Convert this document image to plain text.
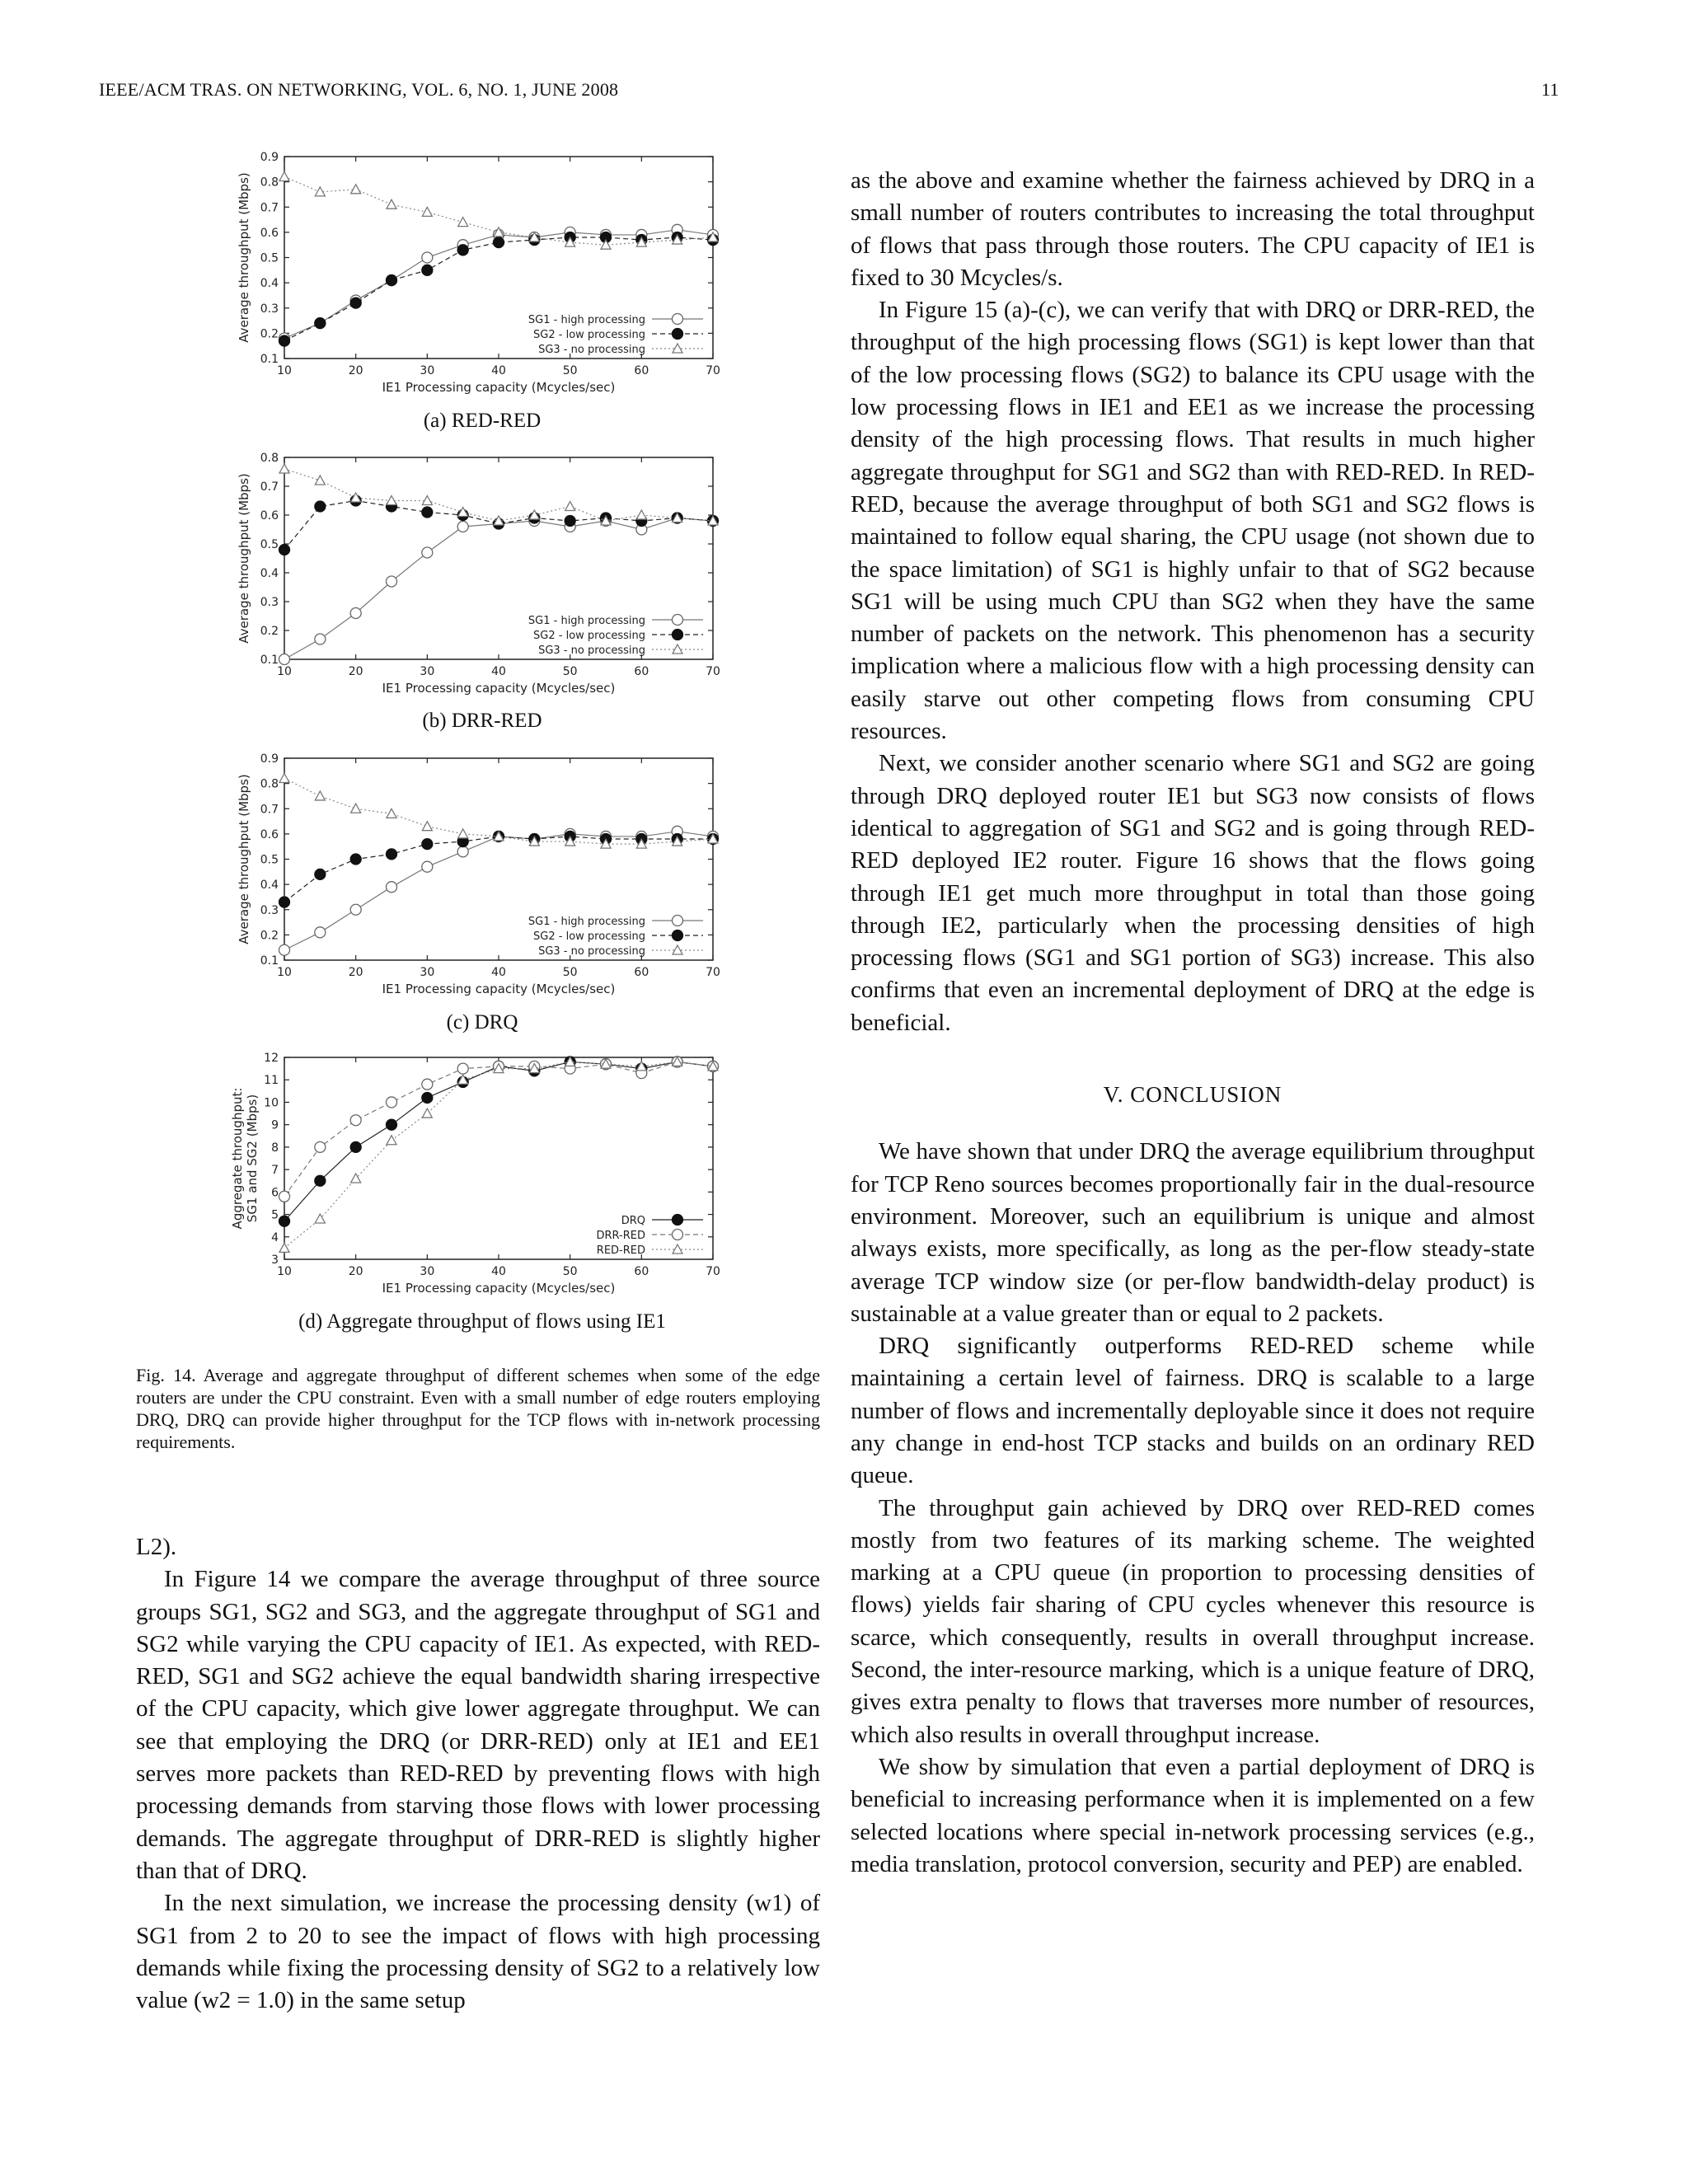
IEEE/ACM TRAS. ON NETWORKING, VOL. 6, NO. 1, JUNE 2008	11
0.1
0.2
0.3
0.4
0.5
0.6
0.7
0.8
0.9
10	20	30	40	50	60	70
IE1 Processing capacity (Mcycles/sec)
Average throughput (Mbps)	SG1 - high processing
SG2 - low processing
SG3 - no processing
(a) RED-RED
0.1
0.2
0.3
0.4
0.5
0.6
0.7
0.8
10	20	30	40	50	60	70
IE1 Processing capacity (Mcycles/sec)
Average throughput (Mbps)	SG1 - high processing
SG2 - low processing
SG3 - no processing
(b) DRR-RED
0.1
0.2
0.3
0.4
0.5
0.6
0.7
0.8
0.9
10	20	30	40	50	60	70
IE1 Processing capacity (Mcycles/sec)
Average throughput (Mbps)	SG1 - high processing
SG2 - low processing
SG3 - no processing
(c) DRQ
3
4
5
6
7
8
9
10
11
12
10	20	30	40	50	60	70
IE1 Processing capacity (Mcycles/sec)
Aggregate throughput: SG1 and SG2 (Mbps)	DRQ
DRR-RED
RED-RED
(d) Aggregate throughput of flows using IE1
Fig. 14. Average and aggregate throughput of different schemes when some of the edge routers are under the CPU constraint. Even with a small number of edge routers employing DRQ, DRQ can provide higher throughput for the TCP flows with in-network processing requirements.

L2).

In Figure 14 we compare the average throughput of three source groups SG1, SG2 and SG3, and the aggregate throughput of SG1 and SG2 while varying the CPU capacity of IE1. As expected, with RED-RED, SG1 and SG2 achieve the equal bandwidth sharing irrespective of the CPU capacity, which give lower aggregate throughput. We can see that employing the DRQ (or DRR-RED) only at IE1 and EE1 serves more packets than RED-RED by preventing flows with high processing demands from starving those flows with lower processing demands. The aggregate throughput of DRR-RED is slightly higher than that of DRQ.

In the next simulation, we increase the processing density (w1) of SG1 from 2 to 20 to see the impact of flows with high processing demands while fixing the processing density of SG2 to a relatively low value (w2 = 1.0) in the same setup

as the above and examine whether the fairness achieved by DRQ in a small number of routers contributes to increasing the total throughput of flows that pass through those routers. The CPU capacity of IE1 is fixed to 30 Mcycles/s.

In Figure 15 (a)-(c), we can verify that with DRQ or DRR-RED, the throughput of the high processing flows (SG1) is kept lower than that of the low processing flows (SG2) to balance its CPU usage with the low processing flows in IE1 and EE1 as we increase the processing density of the high processing flows. That results in much higher aggregate throughput for SG1 and SG2 than with RED-RED. In RED-RED, because the average throughput of both SG1 and SG2 flows is maintained to follow equal sharing, the CPU usage (not shown due to the space limitation) of SG1 is highly unfair to that of SG2 because SG1 will be using much CPU than SG2 when they have the same number of packets on the network. This phenomenon has a security implication where a malicious flow with a high processing density can easily starve out other competing flows from consuming CPU resources.

Next, we consider another scenario where SG1 and SG2 are going through DRQ deployed router IE1 but SG3 now consists of flows identical to aggregation of SG1 and SG2 and is going through RED-RED deployed IE2 router. Figure 16 shows that the flows going through IE1 get much more throughput in total than those going through IE2, particularly when the processing densities of high processing flows (SG1 and SG1 portion of SG3) increase. This also confirms that even an incremental deployment of DRQ at the edge is beneficial.

V. CONCLUSION

We have shown that under DRQ the average equilibrium throughput for TCP Reno sources becomes proportionally fair in the dual-resource environment. Moreover, such an equilibrium is unique and almost always exists, more specifically, as long as the per-flow steady-state average TCP window size (or per-flow bandwidth-delay product) is sustainable at a value greater than or equal to 2 packets.

DRQ significantly outperforms RED-RED scheme while maintaining a certain level of fairness. DRQ is scalable to a large number of flows and incrementally deployable since it does not require any change in end-host TCP stacks and builds on an ordinary RED queue.

The throughput gain achieved by DRQ over RED-RED comes mostly from two features of its marking scheme. The weighted marking at a CPU queue (in proportion to processing densities of flows) yields fair sharing of CPU cycles whenever this resource is scarce, which consequently, results in overall throughput increase. Second, the inter-resource marking, which is a unique feature of DRQ, gives extra penalty to flows that traverses more number of resources, which also results in overall throughput increase.

We show by simulation that even a partial deployment of DRQ is beneficial to increasing performance when it is implemented on a few selected locations where special in-network processing services (e.g., media translation, protocol conversion, security and PEP) are enabled.
